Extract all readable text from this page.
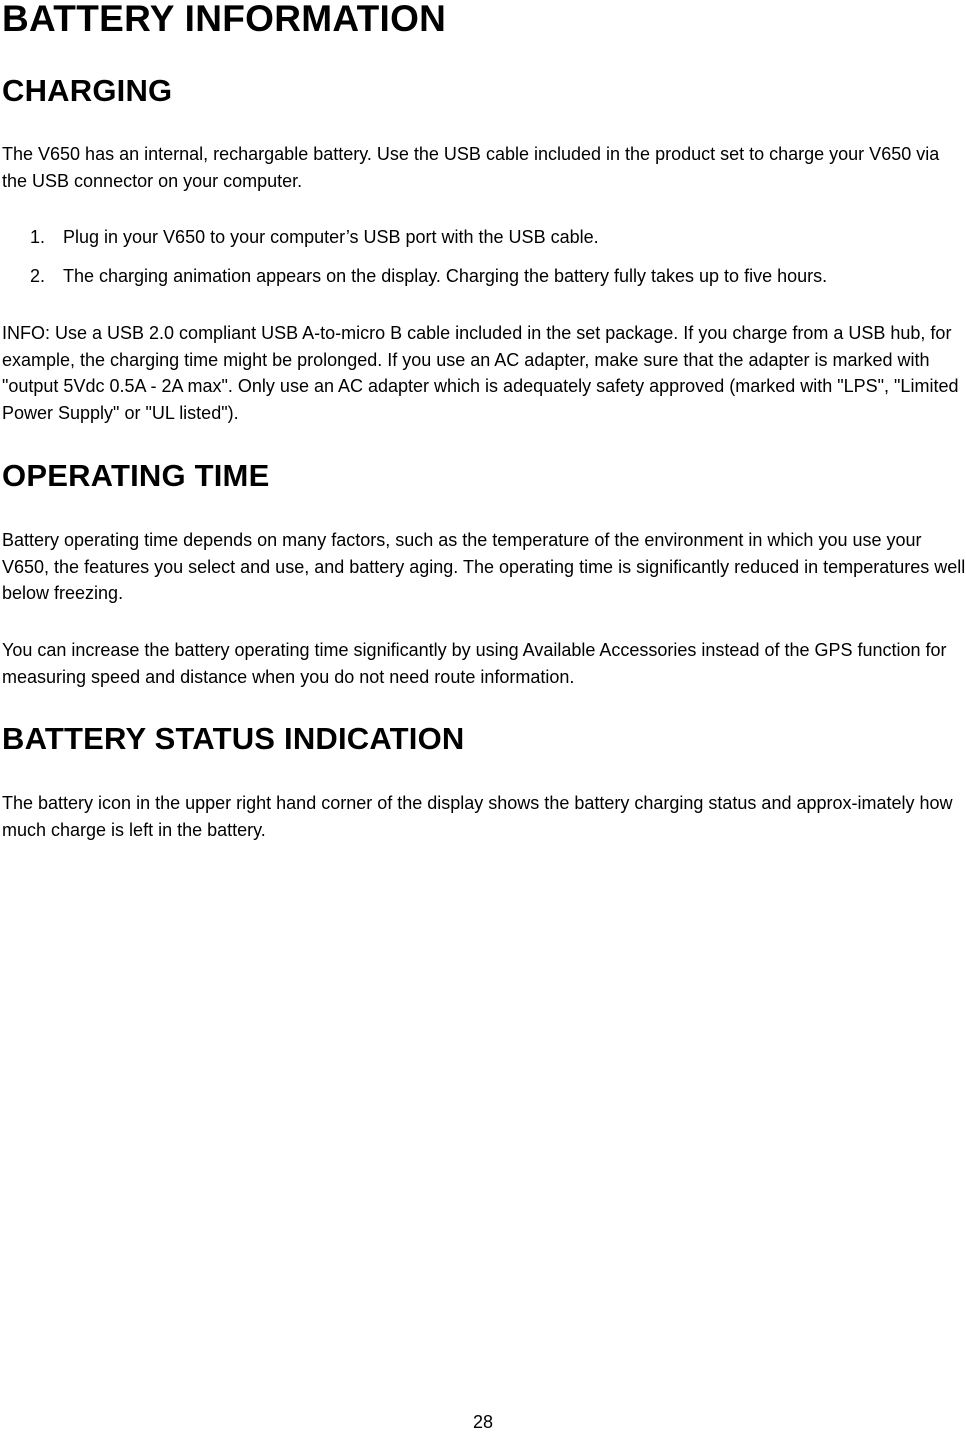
BATTERY INFORMATION
CHARGING

The V650 has an internal, rechargable battery. Use the USB cable included in the product set to charge your V650 via the USB connector on your computer.

1. Plug in your V650 to your computer’s USB port with the USB cable.
2. The charging animation appears on the display. Charging the battery fully takes up to five hours.

INFO: Use a USB 2.0 compliant USB A-to-micro B cable included in the set package. If you charge from a USB hub, for example, the charging time might be prolonged. If you use an AC adapter, make sure that the adapter is marked with "output 5Vdc 0.5A - 2A max". Only use an AC adapter which is adequately safety approved (marked with "LPS", "Limited Power Supply" or "UL listed").

OPERATING TIME

Battery operating time depends on many factors, such as the temperature of the environment in which you use your V650, the features you select and use, and battery aging. The operating time is significantly reduced in temperatures well below freezing.

You can increase the battery operating time significantly by using Available Accessories instead of the GPS function for measuring speed and distance when you do not need route information.

BATTERY STATUS INDICATION

The battery icon in the upper right hand corner of the display shows the battery charging status and approx-imately how much charge is left in the battery.

28
